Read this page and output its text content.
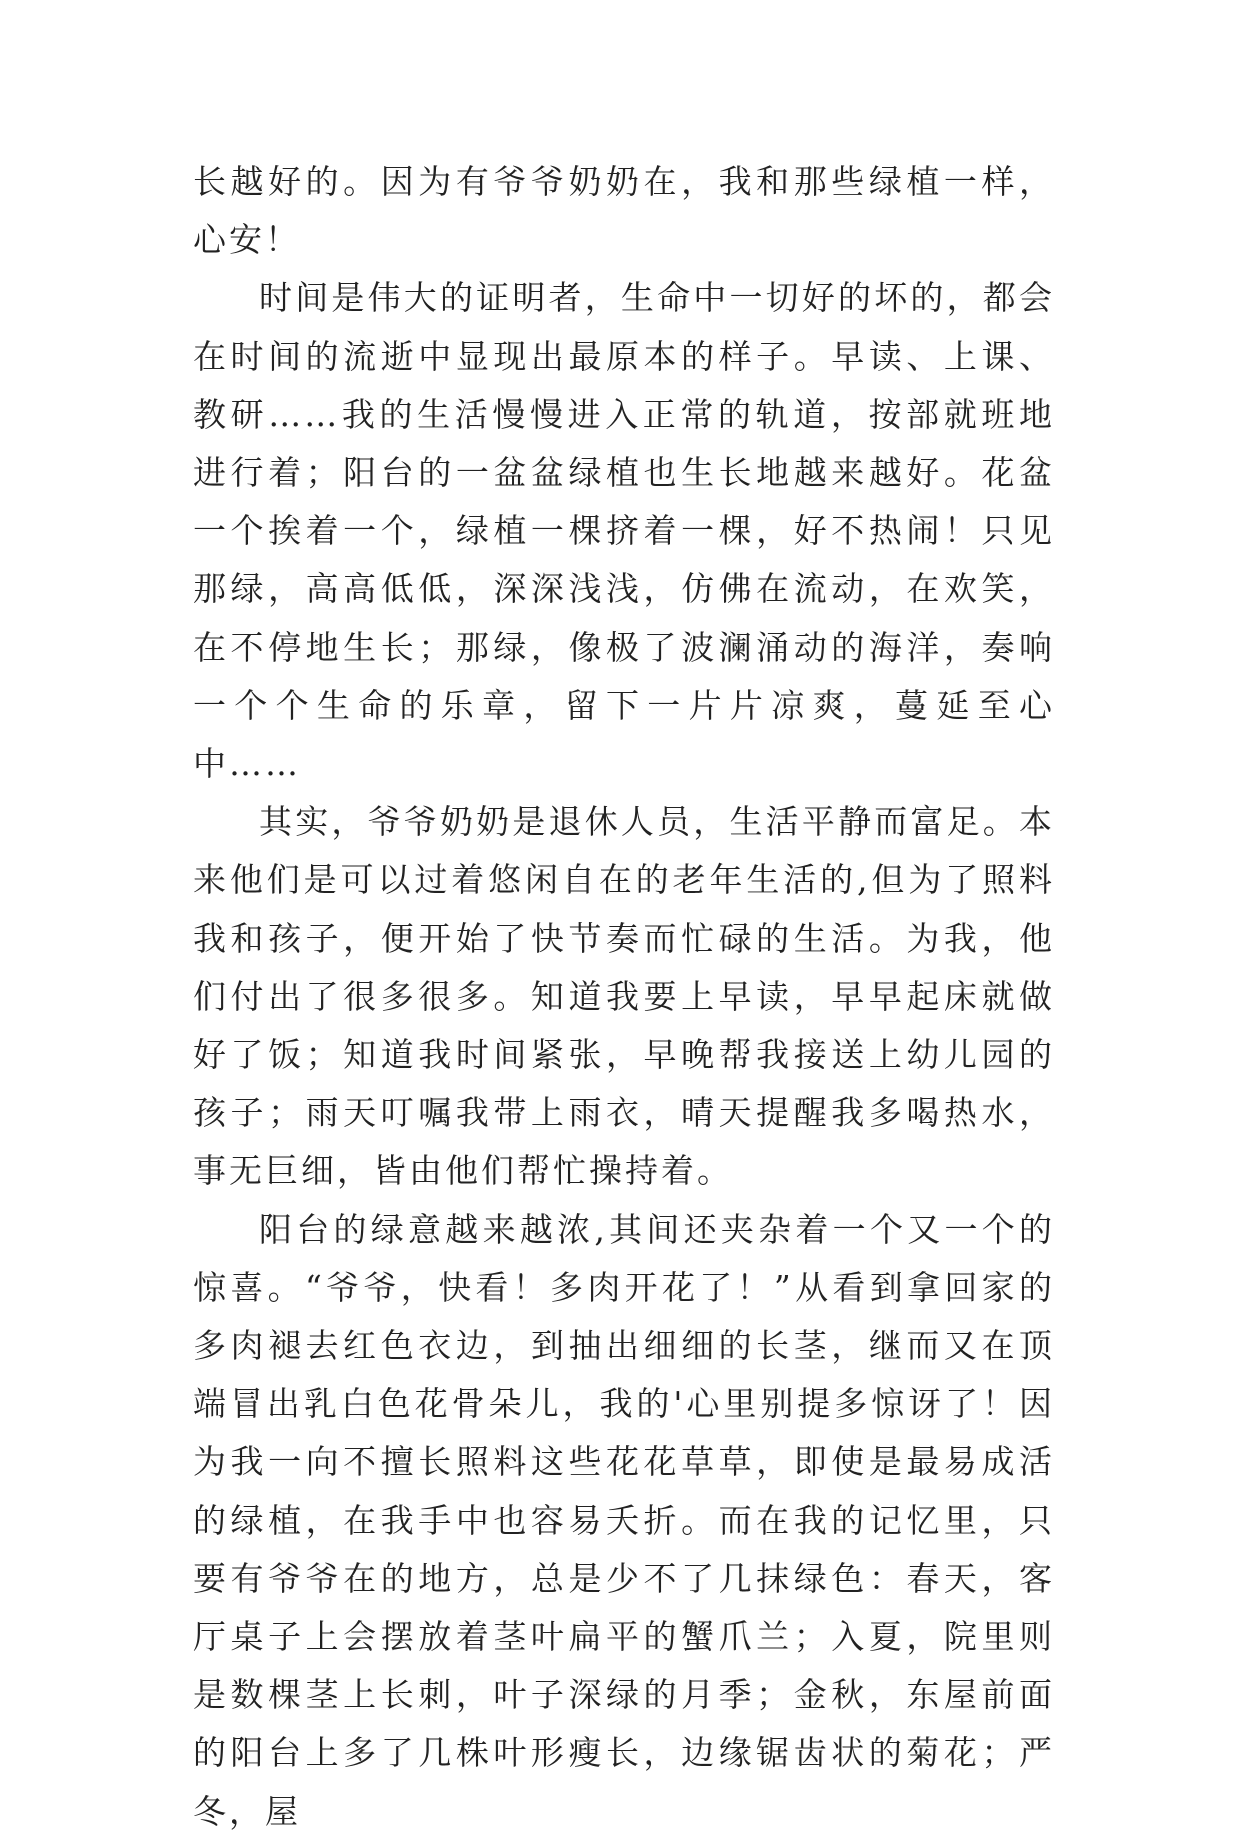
长越好的。因为有爷爷奶奶在，我和那些绿植一样，心安！

时间是伟大的证明者，生命中一切好的坏的，都会在时间的流逝中显现出最原本的样子。早读、上课、教研……我的生活慢慢进入正常的轨道，按部就班地进行着；阳台的一盆盆绿植也生长地越来越好。花盆一个挨着一个，绿植一棵挤着一棵，好不热闹！只见那绿，高高低低，深深浅浅，仿佛在流动，在欢笑，在不停地生长；那绿，像极了波澜涌动的海洋，奏响一个个生命的乐章，留下一片片凉爽，蔓延至心中……

其实，爷爷奶奶是退休人员，生活平静而富足。本来他们是可以过着悠闲自在的老年生活的,但为了照料我和孩子，便开始了快节奏而忙碌的生活。为我，他们付出了很多很多。知道我要上早读，早早起床就做好了饭；知道我时间紧张，早晚帮我接送上幼儿园的孩子；雨天叮嘱我带上雨衣，晴天提醒我多喝热水，事无巨细，皆由他们帮忙操持着。

阳台的绿意越来越浓,其间还夹杂着一个又一个的惊喜。“爷爷，快看！多肉开花了！”从看到拿回家的多肉褪去红色衣边，到抽出细细的长茎，继而又在顶端冒出乳白色花骨朵儿，我的'心里别提多惊讶了！因为我一向不擅长照料这些花花草草，即使是最易成活的绿植，在我手中也容易夭折。而在我的记忆里，只要有爷爷在的地方，总是少不了几抹绿色：春天，客厅桌子上会摆放着茎叶扁平的蟹爪兰；入夏，院里则是数棵茎上长刺，叶子深绿的月季；金秋，东屋前面的阳台上多了几株叶形瘦长，边缘锯齿状的菊花；严冬，屋
